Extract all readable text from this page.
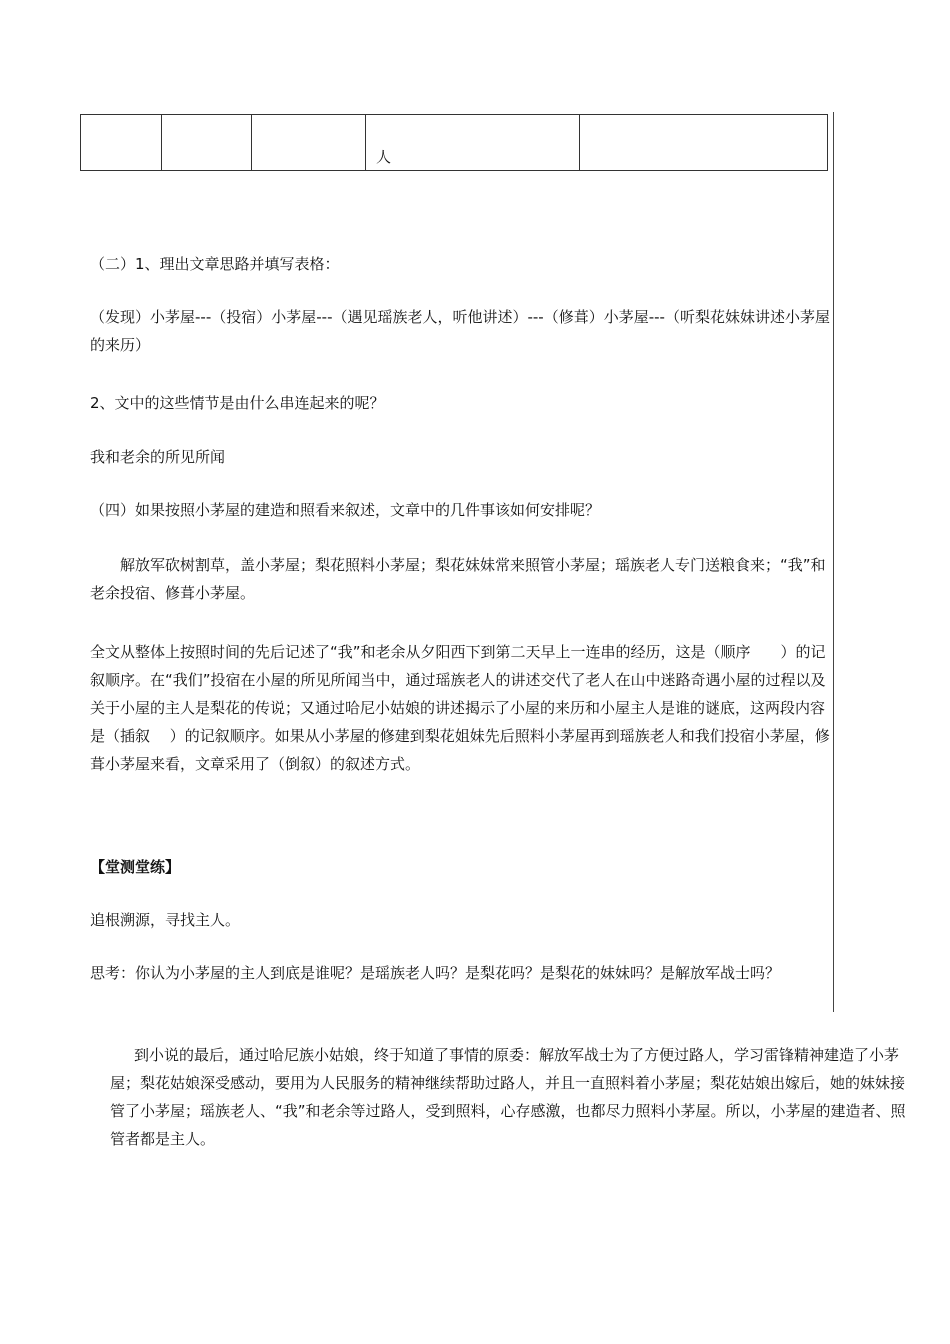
			人	

（二）1、理出文章思路并填写表格：

（发现）小茅屋---（投宿）小茅屋---（遇见瑶族老人，听他讲述）---（修葺）小茅屋---（听梨花妹妹讲述小茅屋的来历）

2、文中的这些情节是由什么串连起来的呢？

我和老余的所见所闻

（四）如果按照小茅屋的建造和照看来叙述，文章中的几件事该如何安排呢？

解放军砍树割草，盖小茅屋；梨花照料小茅屋；梨花妹妹常来照管小茅屋；瑶族老人专门送粮食来；“我”和老余投宿、修葺小茅屋。

全文从整体上按照时间的先后记述了“我”和老余从夕阳西下到第二天早上一连串的经历，这是（顺序　　）的记叙顺序。在“我们”投宿在小屋的所见所闻当中，通过瑶族老人的讲述交代了老人在山中迷路奇遇小屋的过程以及关于小屋的主人是梨花的传说；又通过哈尼小姑娘的讲述揭示了小屋的来历和小屋主人是谁的谜底，这两段内容是（插叙　 ）的记叙顺序。如果从小茅屋的修建到梨花姐妹先后照料小茅屋再到瑶族老人和我们投宿小茅屋，修葺小茅屋来看，文章采用了（倒叙）的叙述方式。

【堂测堂练】

追根溯源，寻找主人。

思考：你认为小茅屋的主人到底是谁呢？是瑶族老人吗？是梨花吗？是梨花的妹妹吗？是解放军战士吗？

到小说的最后，通过哈尼族小姑娘，终于知道了事情的原委：解放军战士为了方便过路人，学习雷锋精神建造了小茅屋；梨花姑娘深受感动，要用为人民服务的精神继续帮助过路人，并且一直照料着小茅屋；梨花姑娘出嫁后，她的妹妹接管了小茅屋；瑶族老人、“我”和老余等过路人，受到照料，心存感激，也都尽力照料小茅屋。所以，小茅屋的建造者、照管者都是主人。
